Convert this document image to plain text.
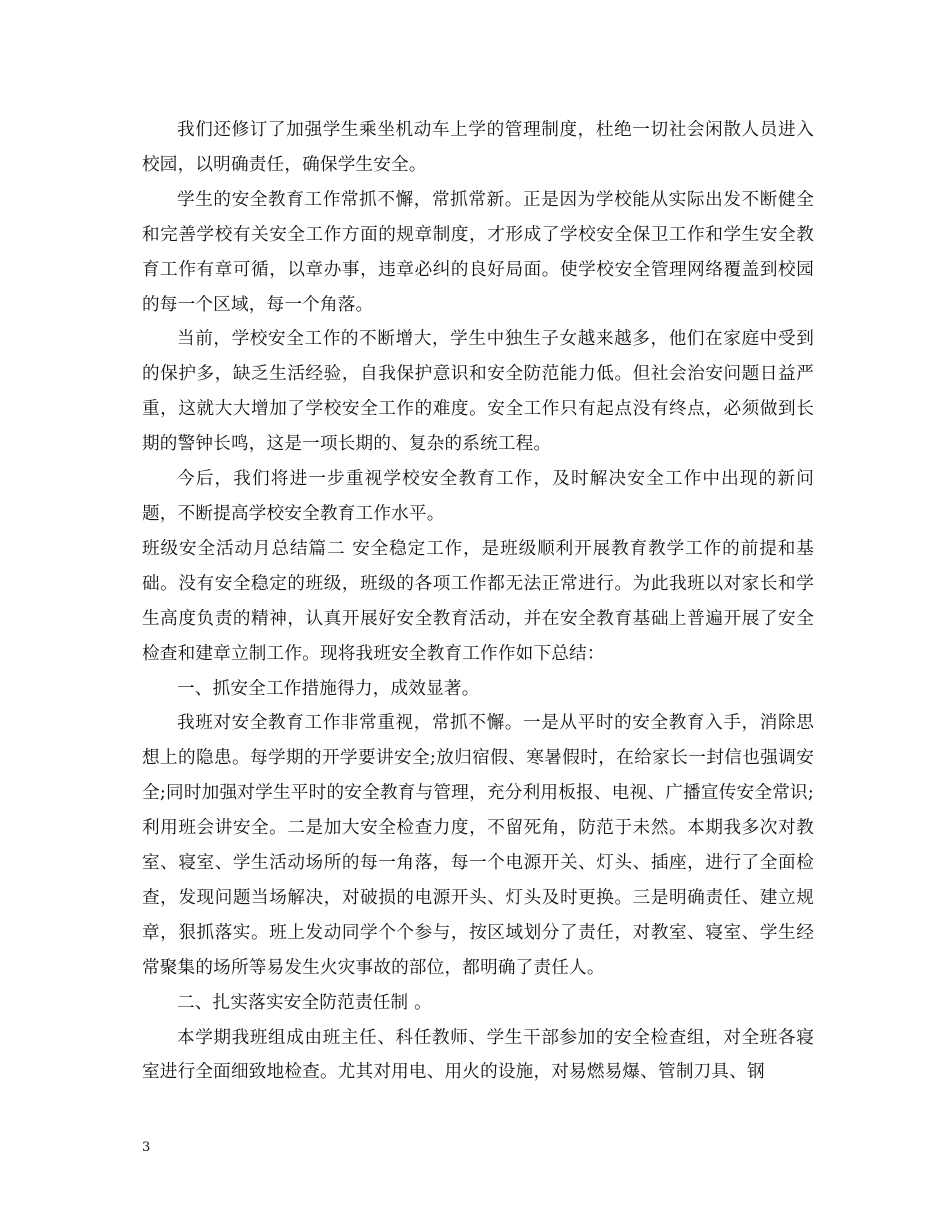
我们还修订了加强学生乘坐机动车上学的管理制度，杜绝一切社会闲散人员进入校园，以明确责任，确保学生安全。

学生的安全教育工作常抓不懈，常抓常新。正是因为学校能从实际出发不断健全和完善学校有关安全工作方面的规章制度，才形成了学校安全保卫工作和学生安全教育工作有章可循，以章办事，违章必纠的良好局面。使学校安全管理网络覆盖到校园的每一个区域，每一个角落。

当前，学校安全工作的不断增大，学生中独生子女越来越多，他们在家庭中受到的保护多，缺乏生活经验，自我保护意识和安全防范能力低。但社会治安问题日益严重，这就大大增加了学校安全工作的难度。安全工作只有起点没有终点，必须做到长期的警钟长鸣，这是一项长期的、复杂的系统工程。

今后，我们将进一步重视学校安全教育工作，及时解决安全工作中出现的新问题，不断提高学校安全教育工作水平。

班级安全活动月总结篇二 安全稳定工作，是班级顺利开展教育教学工作的前提和基础。没有安全稳定的班级，班级的各项工作都无法正常进行。为此我班以对家长和学生高度负责的精神，认真开展好安全教育活动，并在安全教育基础上普遍开展了安全检查和建章立制工作。现将我班安全教育工作作如下总结：

一、抓安全工作措施得力，成效显著。

我班对安全教育工作非常重视，常抓不懈。一是从平时的安全教育入手，消除思想上的隐患。每学期的开学要讲安全;放归宿假、寒暑假时，在给家长一封信也强调安全;同时加强对学生平时的安全教育与管理，充分利用板报、电视、广播宣传安全常识;利用班会讲安全。二是加大安全检查力度，不留死角，防范于未然。本期我多次对教室、寝室、学生活动场所的每一角落，每一个电源开关、灯头、插座，进行了全面检查，发现问题当场解决，对破损的电源开头、灯头及时更换。三是明确责任、建立规章，狠抓落实。班上发动同学个个参与，按区域划分了责任，对教室、寝室、学生经常聚集的场所等易发生火灾事故的部位，都明确了责任人。

二、扎实落实安全防范责任制 。

本学期我班组成由班主任、科任教师、学生干部参加的安全检查组，对全班各寝室进行全面细致地检查。尤其对用电、用火的设施，对易燃易爆、管制刀具、钢

3
